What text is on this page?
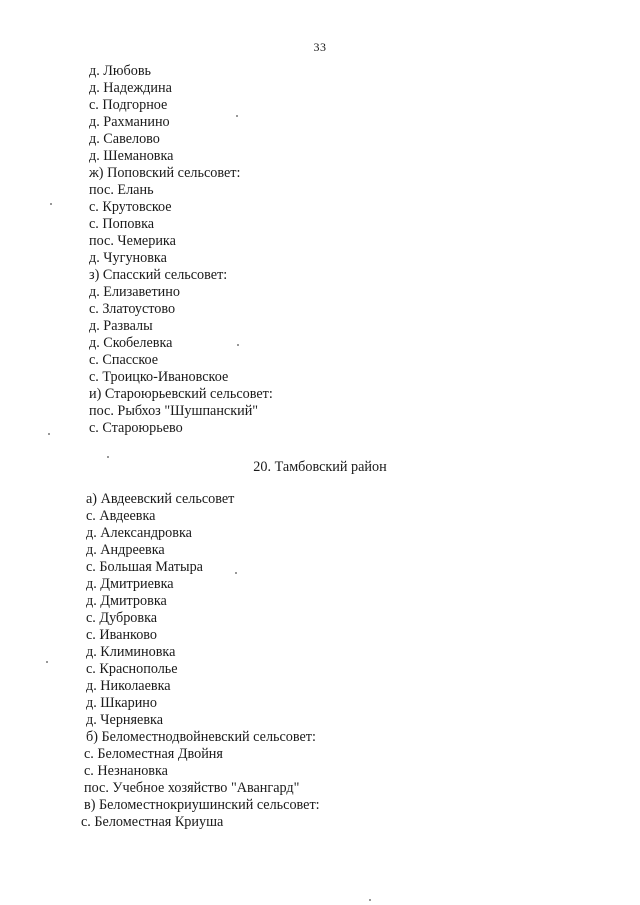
33
д. Любовь
д. Надеждина
с. Подгорное
д. Рахманино
д. Савелово
д. Шемановка
ж) Поповский сельсовет:
пос. Елань
с. Крутовское
с. Поповка
пос. Чемерика
д. Чугуновка
з) Спасский сельсовет:
д. Елизаветино
с. Златоустово
д. Развалы
д. Скобелевка
с. Спасское
с. Троицко-Ивановское
и) Староюрьевский сельсовет:
пос. Рыбхоз "Шушпанский"
с. Староюрьево
20. Тамбовский район
а) Авдеевский сельсовет
с. Авдеевка
д. Александровка
д. Андреевка
с. Большая Матыра
д. Дмитриевка
д. Дмитровка
с. Дубровка
с. Иванково
д. Климиновка
с. Краснополье
д. Николаевка
д. Шкарино
д. Черняевка
б) Беломестнодвойневский сельсовет:
с. Беломестная Двойня
с. Незнановка
пос. Учебное хозяйство "Авангард"
в) Беломестнокриушинский сельсовет:
с. Беломестная Криуша
